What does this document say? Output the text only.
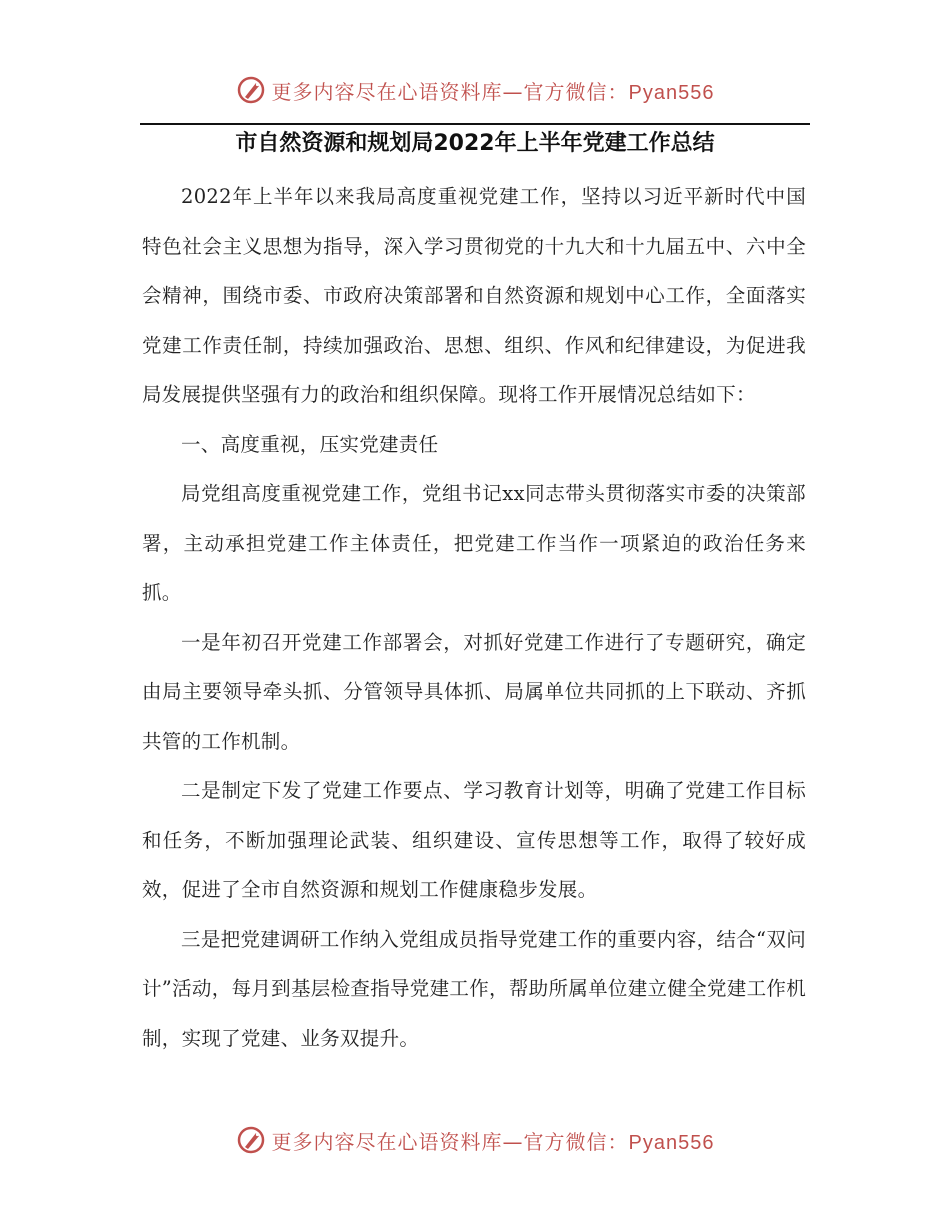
更多内容尽在心语资料库—官方微信：Pyan556
市自然资源和规划局2022年上半年党建工作总结

2022年上半年以来我局高度重视党建工作，坚持以习近平新时代中国特色社会主义思想为指导，深入学习贯彻党的十九大和十九届五中、六中全会精神，围绕市委、市政府决策部署和自然资源和规划中心工作，全面落实党建工作责任制，持续加强政治、思想、组织、作风和纪律建设，为促进我局发展提供坚强有力的政治和组织保障。现将工作开展情况总结如下：

一、高度重视，压实党建责任

局党组高度重视党建工作，党组书记xx同志带头贯彻落实市委的决策部署，主动承担党建工作主体责任，把党建工作当作一项紧迫的政治任务来抓。

一是年初召开党建工作部署会，对抓好党建工作进行了专题研究，确定由局主要领导牵头抓、分管领导具体抓、局属单位共同抓的上下联动、齐抓共管的工作机制。

二是制定下发了党建工作要点、学习教育计划等，明确了党建工作目标和任务，不断加强理论武装、组织建设、宣传思想等工作，取得了较好成效，促进了全市自然资源和规划工作健康稳步发展。

三是把党建调研工作纳入党组成员指导党建工作的重要内容，结合“双问计”活动，每月到基层检查指导党建工作，帮助所属单位建立健全党建工作机制，实现了党建、业务双提升。

更多内容尽在心语资料库—官方微信：Pyan556
